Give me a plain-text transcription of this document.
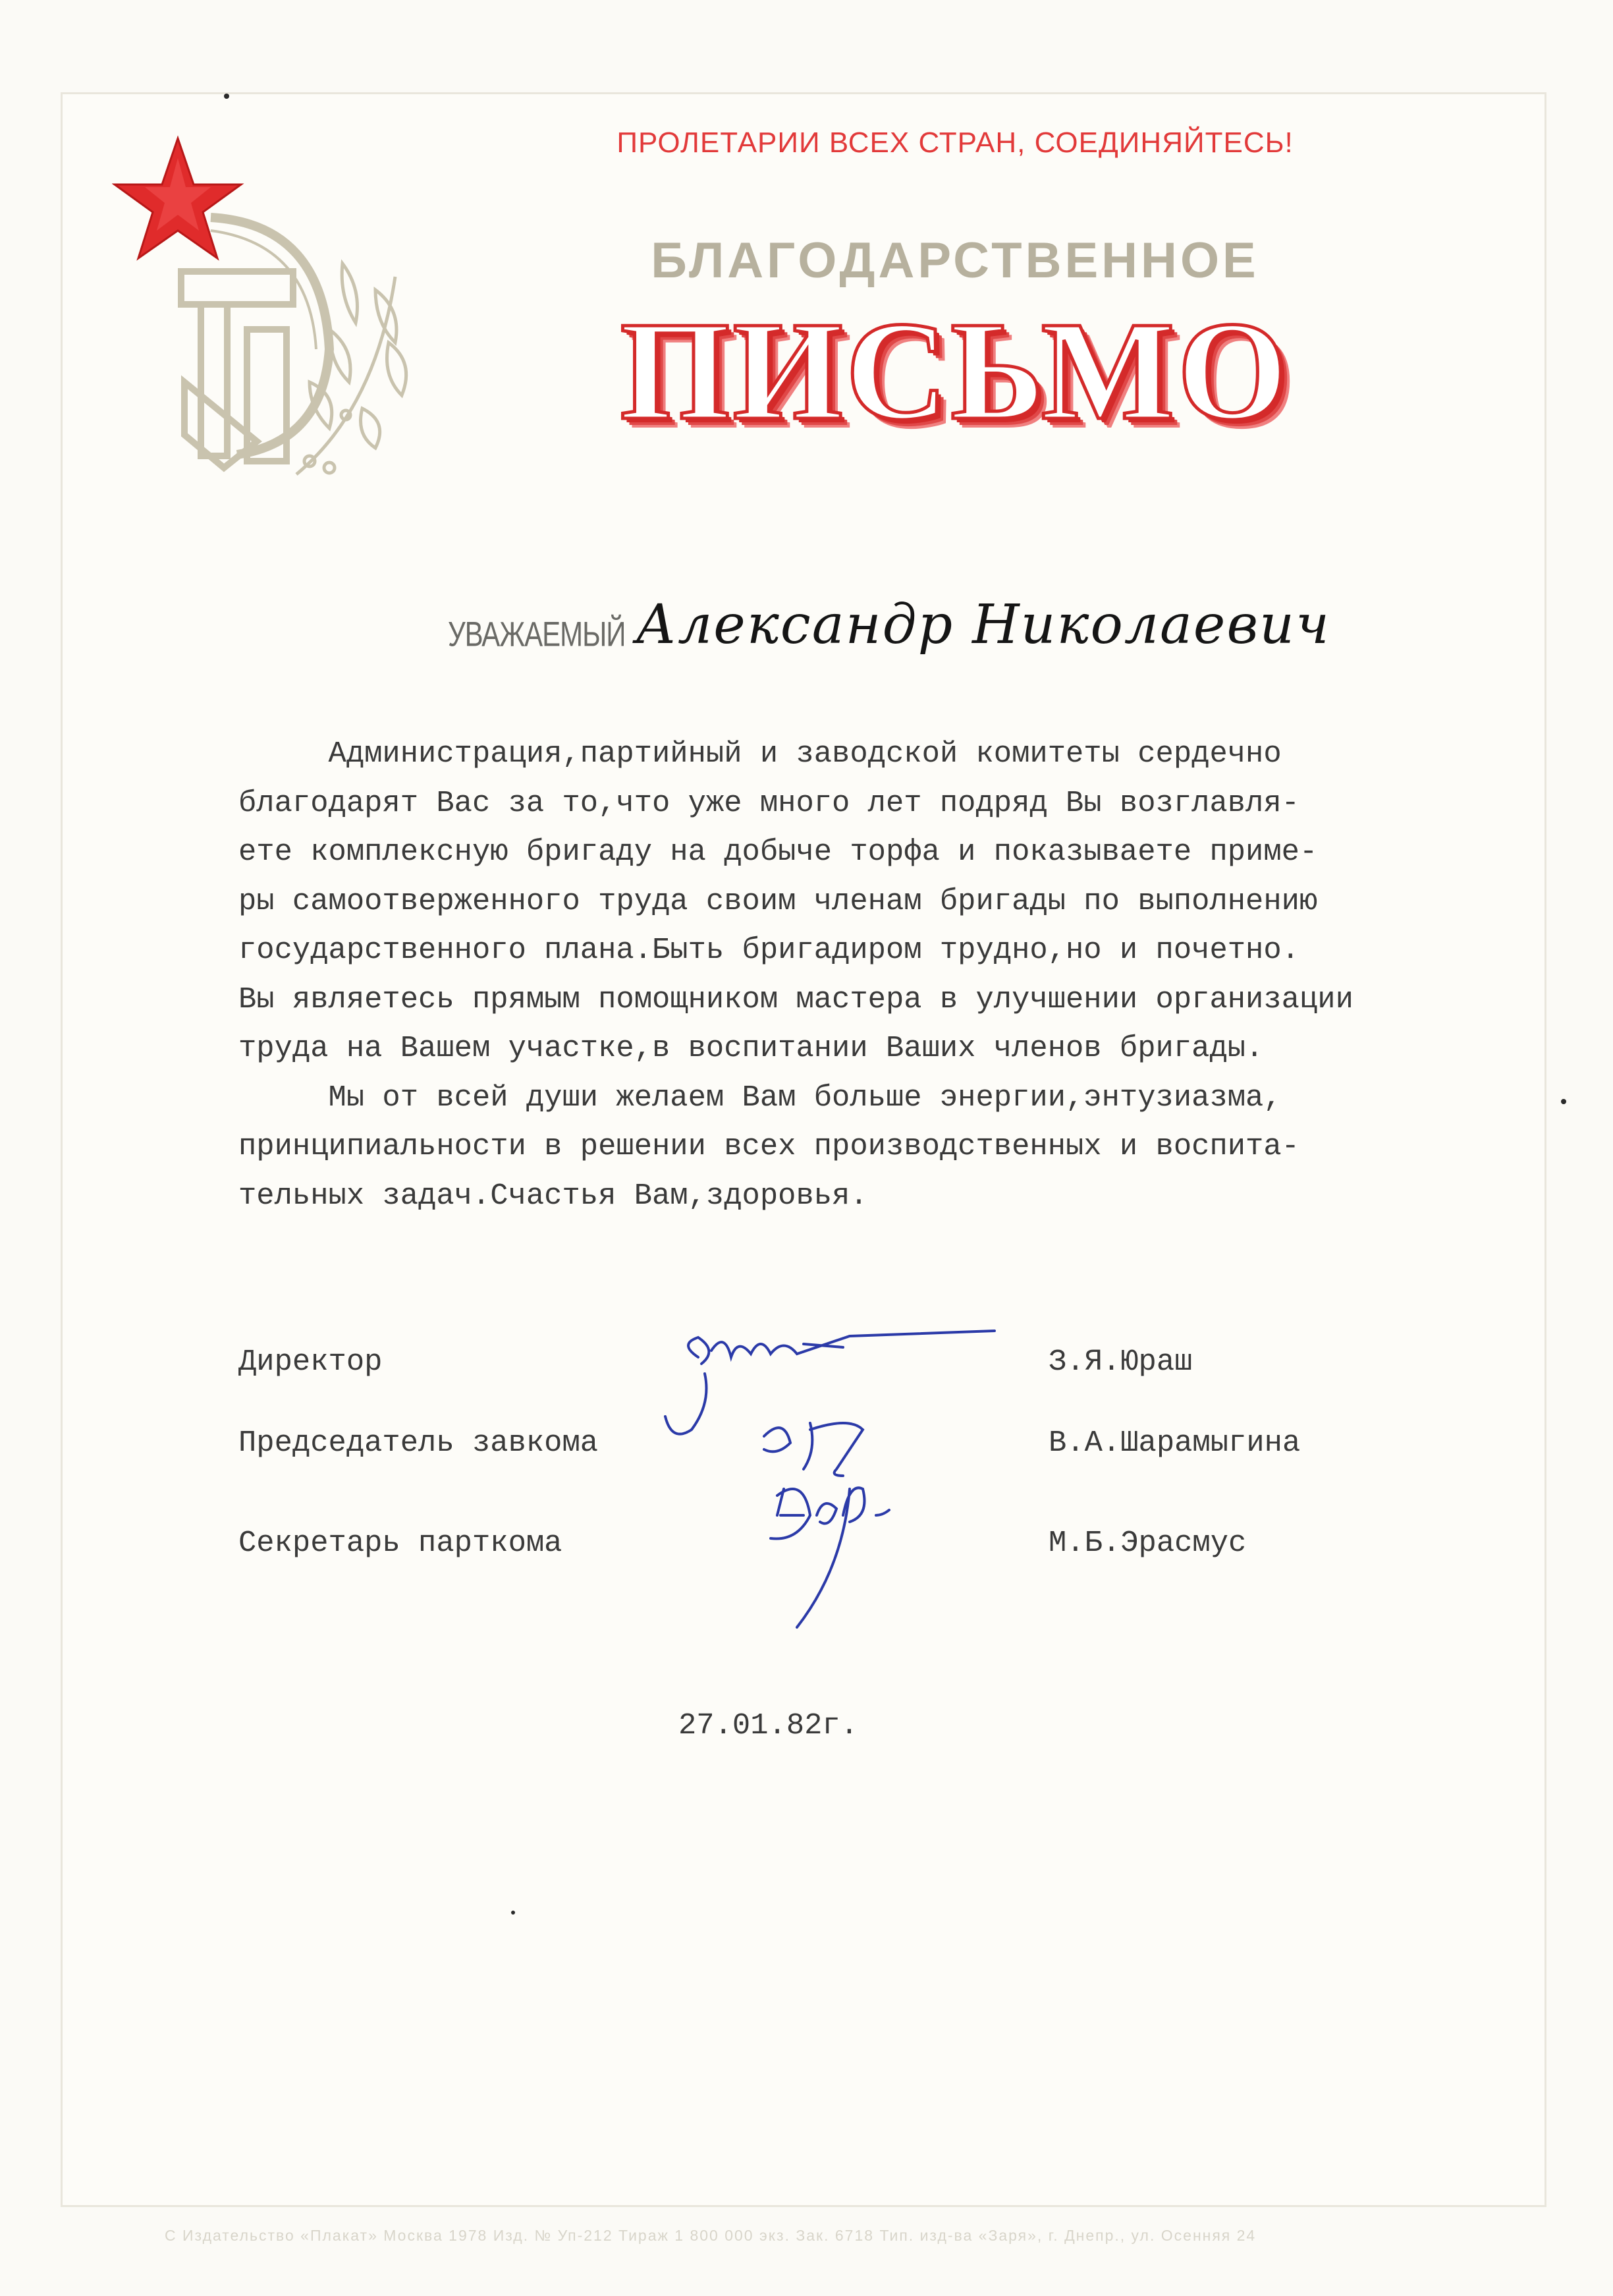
ПРОЛЕТАРИИ ВСЕХ СТРАН, СОЕДИНЯЙТЕСЬ!
БЛАГОДАРСТВЕННОЕ
ПИСЬМО
УВАЖАЕМЫЙ Александр Николаевич

Администрация,партийный и заводской комитеты сердечно

благодарят Вас за то,что уже много лет подряд Вы возглавля-

ете комплексную бригаду на добыче торфа и показываете приме-

ры самоотверженного труда своим членам бригады по выполнению

государственного плана.Быть бригадиром трудно,но и почетно.

Вы являетесь прямым помощником мастера в улучшении организации

труда на Вашем участке,в воспитании Ваших членов бригады.

Мы от всей души желаем Вам больше энергии,энтузиазма,

принципиальности в решении всех производственных и воспита-

тельных задач.Счастья Вам,здоровья.

Директор	З.Я.Юраш
Председатель завкома	В.А.Шарамыгина
Секретарь парткома	М.Б.Эрасмус
27.01.82г.
С Издательство «Плакат» Москва 1978 Изд. № Уп-212 Тираж 1 800 000 экз. Зак. 6718 Тип. изд-ва «Заря», г. Днепр., ул. Осенняя 24
